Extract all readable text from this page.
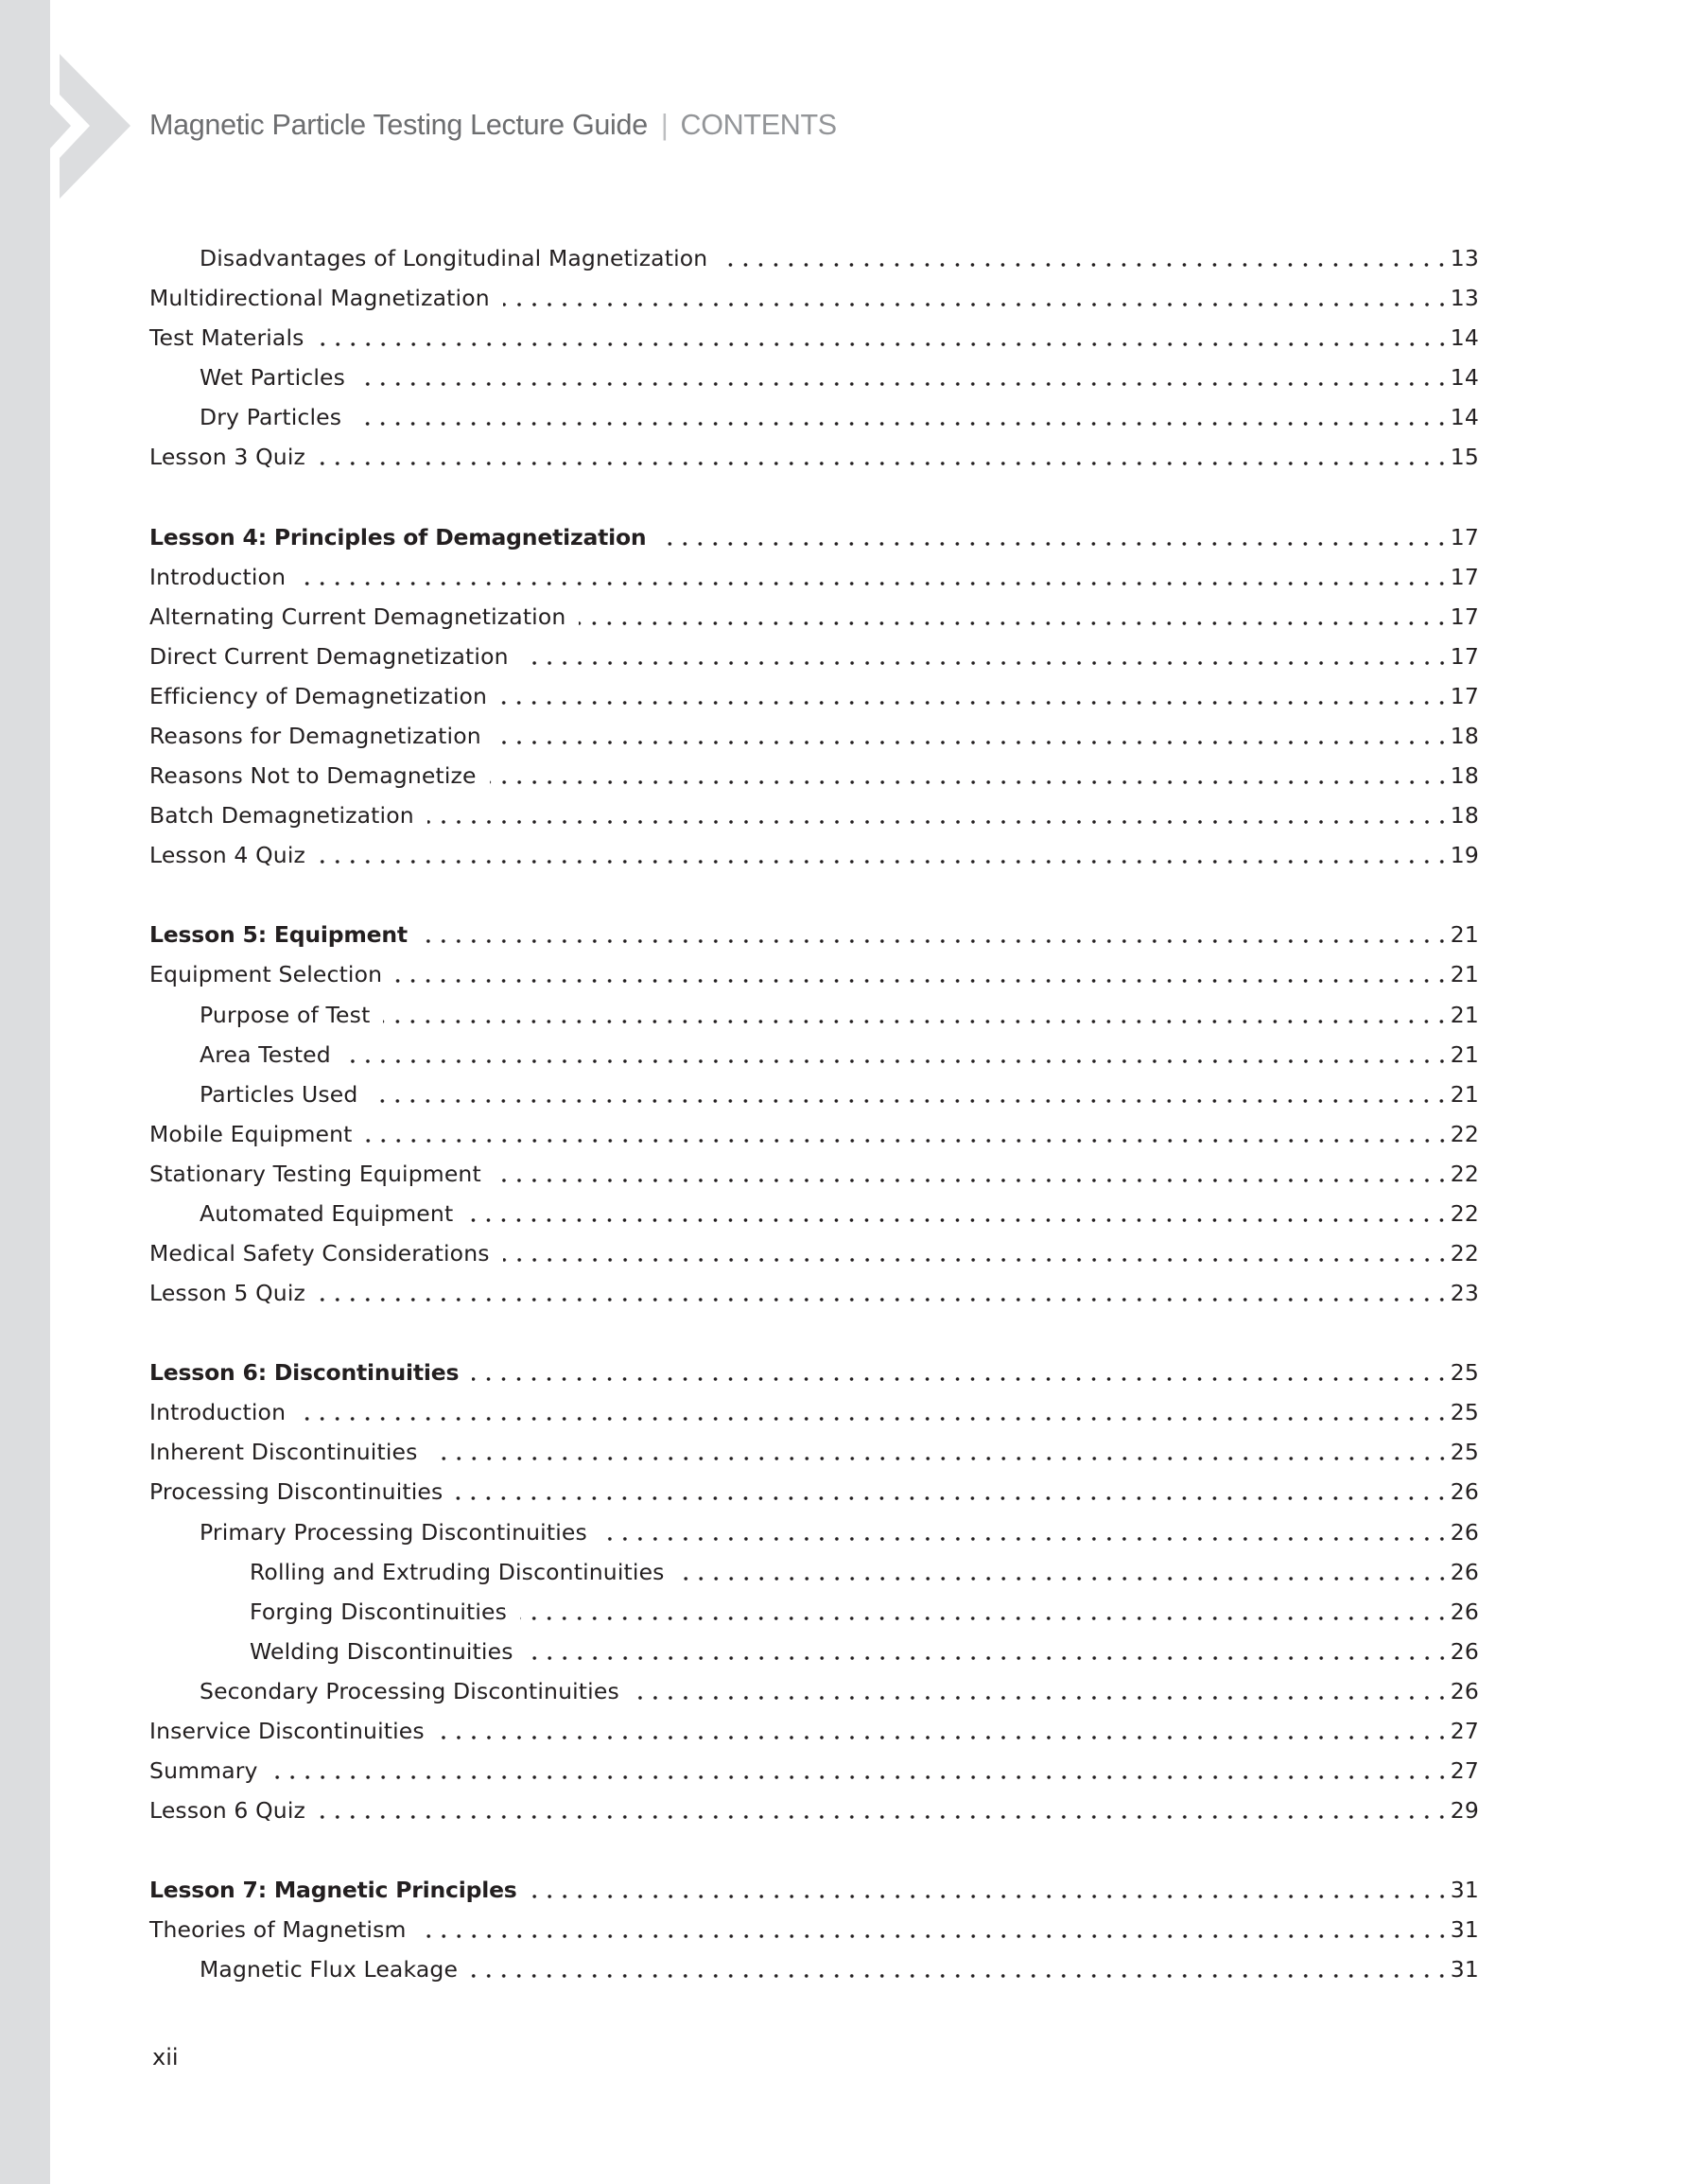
Magnetic Particle Testing Lecture Guide | CONTENTS
Disadvantages of Longitudinal Magnetization	13
Multidirectional Magnetization	13
Test Materials	14
Wet Particles	14
Dry Particles	14
Lesson 3 Quiz	15
Lesson 4: Principles of Demagnetization	17
Introduction	17
Alternating Current Demagnetization	17
Direct Current Demagnetization	17
Efficiency of Demagnetization	17
Reasons for Demagnetization	18
Reasons Not to Demagnetize	18
Batch Demagnetization	18
Lesson 4 Quiz	19
Lesson 5: Equipment	21
Equipment Selection	21
Purpose of Test	21
Area Tested	21
Particles Used	21
Mobile Equipment	22
Stationary Testing Equipment	22
Automated Equipment	22
Medical Safety Considerations	22
Lesson 5 Quiz	23
Lesson 6: Discontinuities	25
Introduction	25
Inherent Discontinuities	25
Processing Discontinuities	26
Primary Processing Discontinuities	26
Rolling and Extruding Discontinuities	26
Forging Discontinuities	26
Welding Discontinuities	26
Secondary Processing Discontinuities	26
Inservice Discontinuities	27
Summary	27
Lesson 6 Quiz	29
Lesson 7: Magnetic Principles	31
Theories of Magnetism	31
Magnetic Flux Leakage	31
xii
